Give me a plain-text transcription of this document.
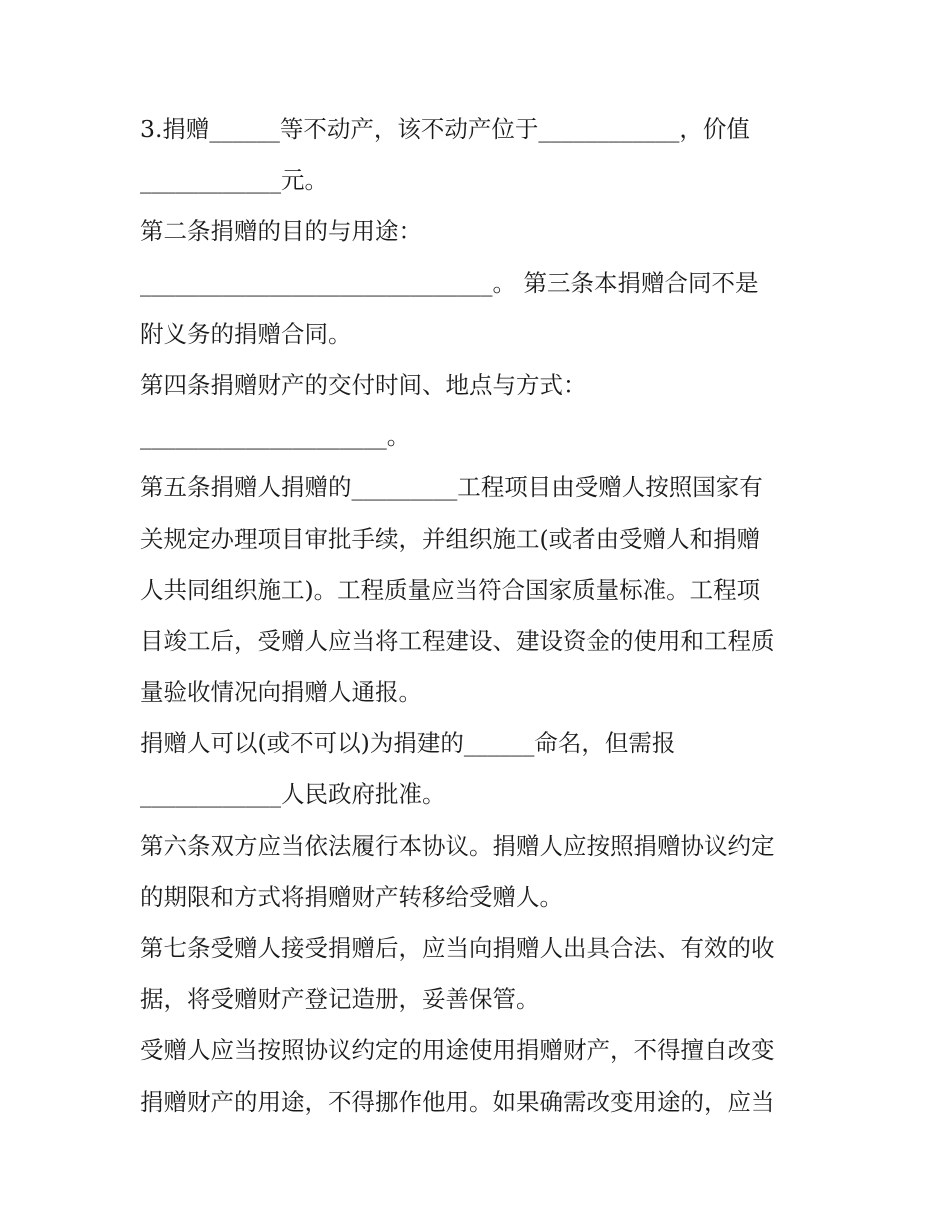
3.捐赠______等不动产，该不动产位于____________，价值
____________元。
第二条捐赠的目的与用途：
______________________________。 第三条本捐赠合同不是
附义务的捐赠合同。
第四条捐赠财产的交付时间、地点与方式：
_____________________。
第五条捐赠人捐赠的_________工程项目由受赠人按照国家有
关规定办理项目审批手续，并组织施工(或者由受赠人和捐赠
人共同组织施工)。工程质量应当符合国家质量标准。工程项
目竣工后，受赠人应当将工程建设、建设资金的使用和工程质
量验收情况向捐赠人通报。
捐赠人可以(或不可以)为捐建的______命名，但需报
____________人民政府批准。
第六条双方应当依法履行本协议。捐赠人应按照捐赠协议约定
的期限和方式将捐赠财产转移给受赠人。
第七条受赠人接受捐赠后，应当向捐赠人出具合法、有效的收
据，将受赠财产登记造册，妥善保管。
受赠人应当按照协议约定的用途使用捐赠财产，不得擅自改变
捐赠财产的用途，不得挪作他用。如果确需改变用途的，应当
